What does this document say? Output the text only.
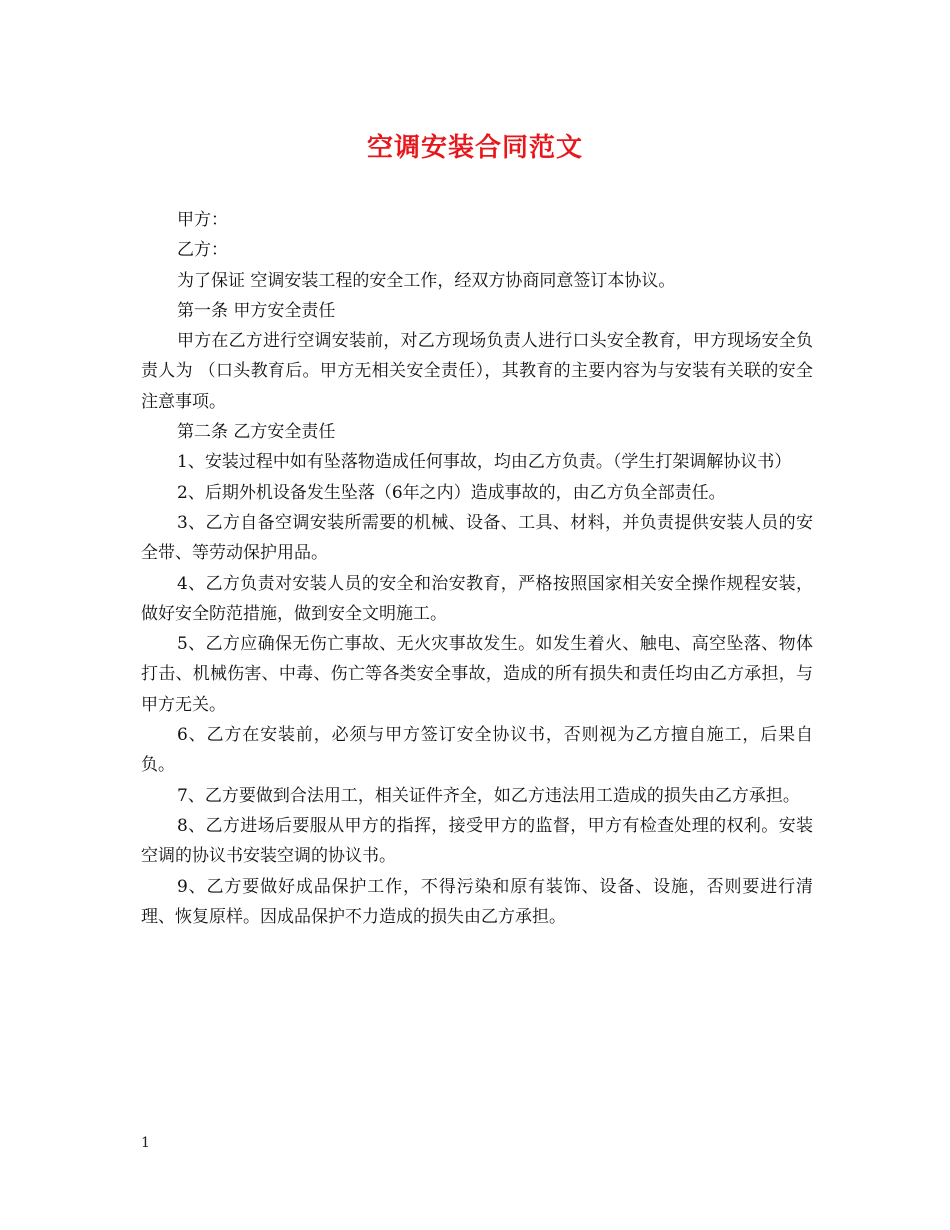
空调安装合同范文

甲方：

乙方：

为了保证 空调安装工程的安全工作，经双方协商同意签订本协议。

第一条 甲方安全责任

甲方在乙方进行空调安装前，对乙方现场负责人进行口头安全教育，甲方现场安全负责人为 （口头教育后。甲方无相关安全责任），其教育的主要内容为与安装有关联的安全注意事项。

第二条 乙方安全责任

1、安装过程中如有坠落物造成任何事故，均由乙方负责。（学生打架调解协议书）

2、后期外机设备发生坠落（6年之内）造成事故的，由乙方负全部责任。

3、乙方自备空调安装所需要的机械、设备、工具、材料，并负责提供安装人员的安全带、等劳动保护用品。

4、乙方负责对安装人员的安全和治安教育，严格按照国家相关安全操作规程安装，做好安全防范措施，做到安全文明施工。

5、乙方应确保无伤亡事故、无火灾事故发生。如发生着火、触电、高空坠落、物体打击、机械伤害、中毒、伤亡等各类安全事故，造成的所有损失和责任均由乙方承担，与甲方无关。

6、乙方在安装前，必须与甲方签订安全协议书，否则视为乙方擅自施工，后果自负。

7、乙方要做到合法用工，相关证件齐全，如乙方违法用工造成的损失由乙方承担。

8、乙方进场后要服从甲方的指挥，接受甲方的监督，甲方有检查处理的权利。安装空调的协议书安装空调的协议书。

9、乙方要做好成品保护工作，不得污染和原有装饰、设备、设施，否则要进行清理、恢复原样。因成品保护不力造成的损失由乙方承担。

1
